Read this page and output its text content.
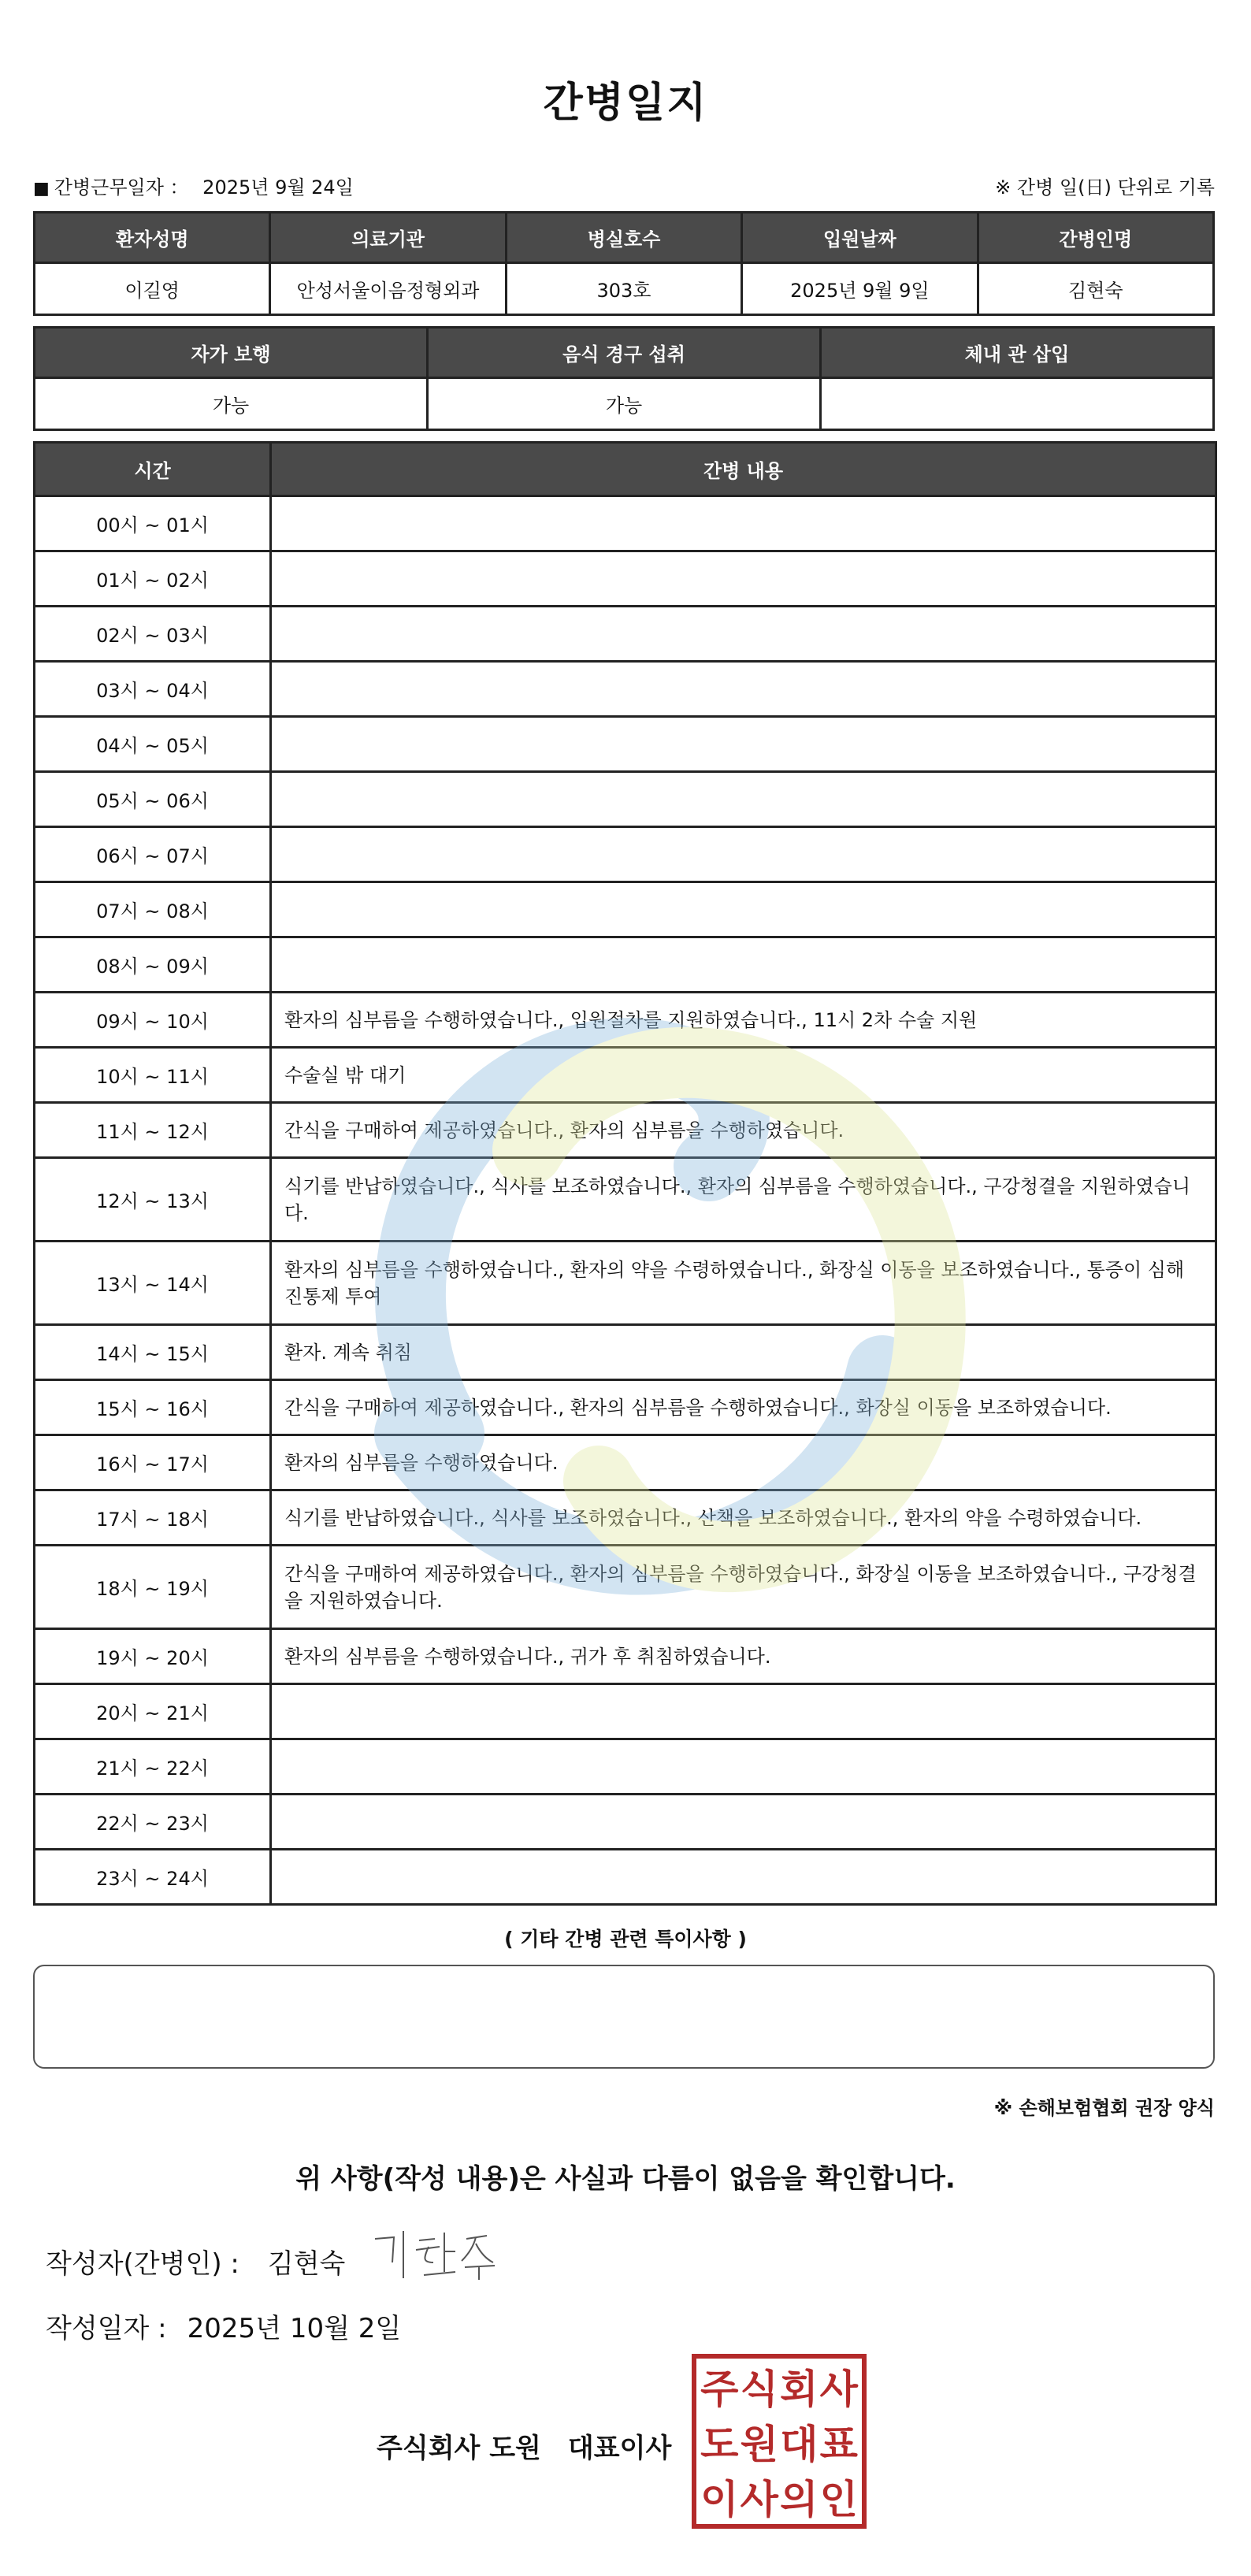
간병일지
■ 간병근무일자 ： 2025년 9월 24일	※ 간병 일(日) 단위로 기록
환자성명	의료기관	병실호수	입원날짜	간병인명
이길영	안성서울이음정형외과	303호	2025년 9월 9일	김현숙
자가 보행	음식 경구 섭취	체내 관 삽입
가능	가능	
시간	간병 내용
00시 ~ 01시	
01시 ~ 02시	
02시 ~ 03시	
03시 ~ 04시	
04시 ~ 05시	
05시 ~ 06시	
06시 ~ 07시	
07시 ~ 08시	
08시 ~ 09시	
09시 ~ 10시	환자의 심부름을 수행하였습니다., 입원절차를 지원하였습니다., 11시 2차 수술 지원
10시 ~ 11시	수술실 밖 대기
11시 ~ 12시	간식을 구매하여 제공하였습니다., 환자의 심부름을 수행하였습니다.
12시 ~ 13시	식기를 반납하였습니다., 식사를 보조하였습니다., 환자의 심부름을 수행하였습니다., 구강청결을 지원하였습니다.
13시 ~ 14시	환자의 심부름을 수행하였습니다., 환자의 약을 수령하였습니다., 화장실 이동을 보조하였습니다., 통증이 심해 진통제 투여
14시 ~ 15시	환자. 계속 취침
15시 ~ 16시	간식을 구매하여 제공하였습니다., 환자의 심부름을 수행하였습니다., 화장실 이동을 보조하였습니다.
16시 ~ 17시	환자의 심부름을 수행하였습니다.
17시 ~ 18시	식기를 반납하였습니다., 식사를 보조하였습니다., 산책을 보조하였습니다., 환자의 약을 수령하였습니다.
18시 ~ 19시	간식을 구매하여 제공하였습니다., 환자의 심부름을 수행하였습니다., 화장실 이동을 보조하였습니다., 구강청결을 지원하였습니다.
19시 ~ 20시	환자의 심부름을 수행하였습니다., 귀가 후 취침하였습니다.
20시 ~ 21시	
21시 ~ 22시	
22시 ~ 23시	
23시 ~ 24시	
( 기타 간병 관련 특이사항 )
※ 손해보험협회 권장 양식
위 사항(작성 내용)은 사실과 다름이 없음을 확인합니다.
작성자(간병인) : 김현숙
작성일자 : 2025년 10월 2일
주식회사 도원 대표이사
주 식 회 사
도 원 대 표
이 사 의 인
